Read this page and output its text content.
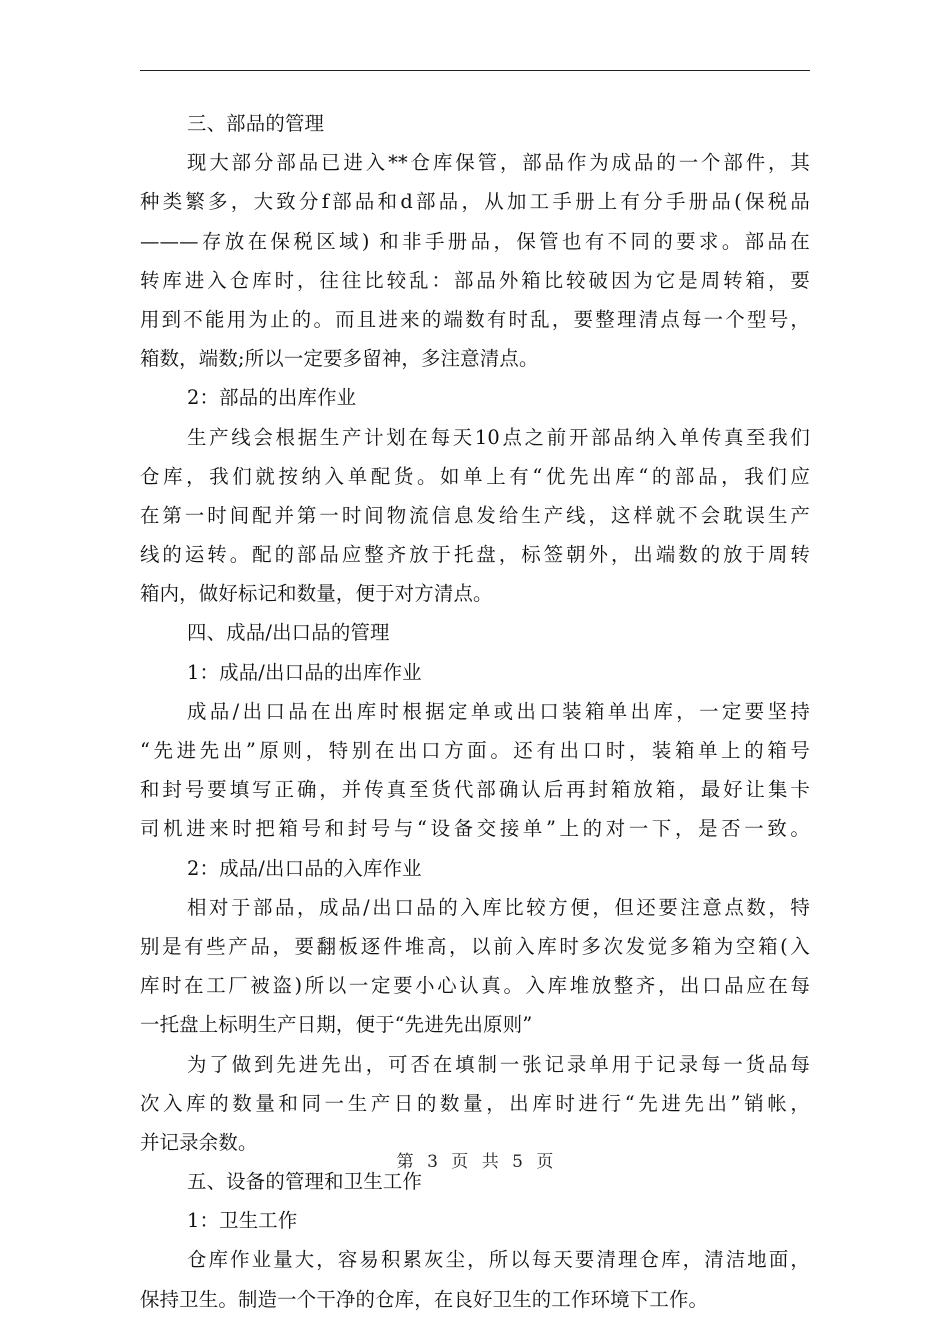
三、部品的管理
现大部分部品已进入**仓库保管，部品作为成品的一个部件，其
种类繁多，大致分f部品和d部品，从加工手册上有分手册品(保税品
———存放在保税区域) 和非手册品，保管也有不同的要求。部品在
转库进入仓库时，往往比较乱：部品外箱比较破因为它是周转箱，要
用到不能用为止的。而且进来的端数有时乱，要整理清点每一个型号，
箱数，端数;所以一定要多留神，多注意清点。
2：部品的出库作业
生产线会根据生产计划在每天10点之前开部品纳入单传真至我们
仓库，我们就按纳入单配货。如单上有“优先出库“的部品，我们应
在第一时间配并第一时间物流信息发给生产线，这样就不会耽误生产
线的运转。配的部品应整齐放于托盘，标签朝外，出端数的放于周转
箱内，做好标记和数量，便于对方清点。
四、成品/出口品的管理
1：成品/出口品的出库作业
成品/出口品在出库时根据定单或出口装箱单出库，一定要坚持
“先进先出”原则，特别在出口方面。还有出口时，装箱单上的箱号
和封号要填写正确，并传真至货代部确认后再封箱放箱，最好让集卡
司机进来时把箱号和封号与“设备交接单”上的对一下，是否一致。
2：成品/出口品的入库作业
相对于部品，成品/出口品的入库比较方便，但还要注意点数，特
别是有些产品，要翻板逐件堆高，以前入库时多次发觉多箱为空箱(入
库时在工厂被盗)所以一定要小心认真。入库堆放整齐，出口品应在每
一托盘上标明生产日期，便于“先进先出原则”
为了做到先进先出，可否在填制一张记录单用于记录每一货品每
次入库的数量和同一生产日的数量，出库时进行“先进先出”销帐，
并记录余数。
五、设备的管理和卫生工作
1：卫生工作
仓库作业量大，容易积累灰尘，所以每天要清理仓库，清洁地面，
保持卫生。制造一个干净的仓库，在良好卫生的工作环境下工作。
第 3 页 共 5 页
